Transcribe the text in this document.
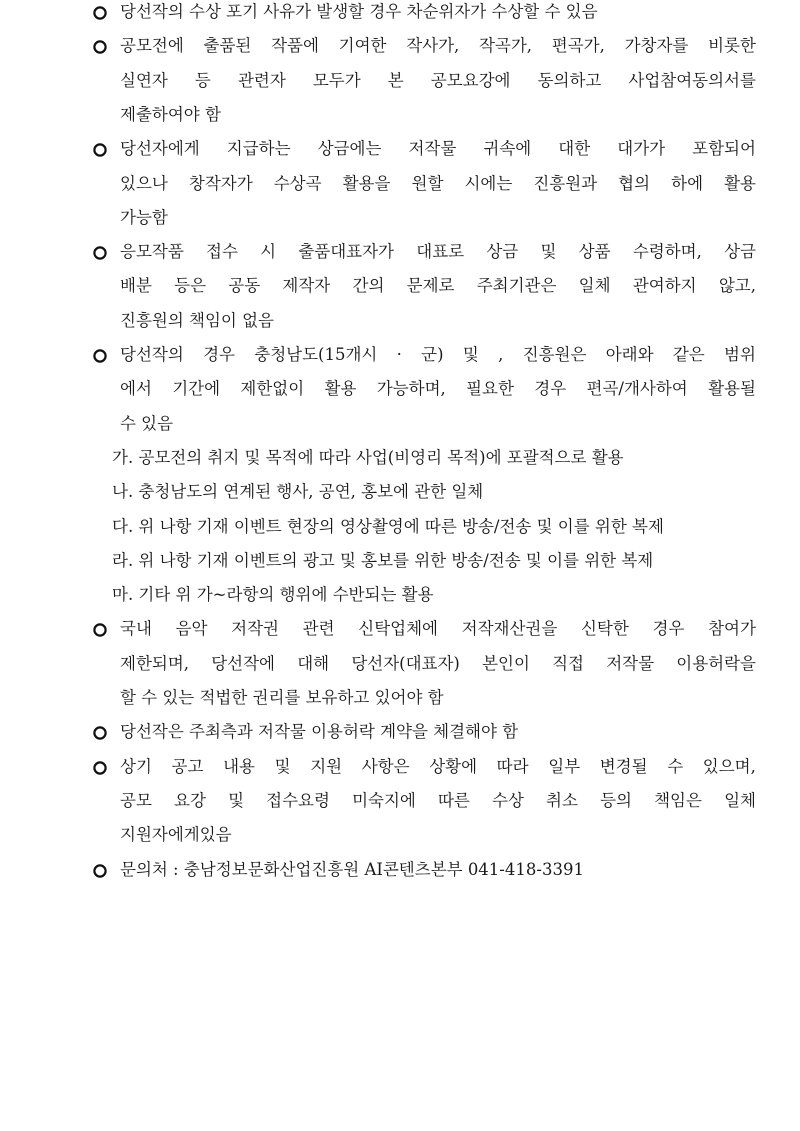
당선작의 수상 포기 사유가 발생할 경우 차순위자가 수상할 수 있음
공모전에 출품된 작품에 기여한 작사가, 작곡가, 편곡가, 가창자를 비롯한
실연자 등 관련자 모두가 본 공모요강에 동의하고 사업참여동의서를
제출하여야 함
당선자에게 지급하는 상금에는 저작물 귀속에 대한 대가가 포함되어
있으나 창작자가 수상곡 활용을 원할 시에는 진흥원과 협의 하에 활용
가능함
응모작품 접수 시 출품대표자가 대표로 상금 및 상품 수령하며, 상금
배분 등은 공동 제작자 간의 문제로 주최기관은 일체 관여하지 않고,
진흥원의 책임이 없음
당선작의 경우 충청남도(15개시 · 군) 및 , 진흥원은 아래와 같은 범위
에서 기간에 제한없이 활용 가능하며, 필요한 경우 편곡/개사하여 활용될
수 있음
가. 공모전의 취지 및 목적에 따라 사업(비영리 목적)에 포괄적으로 활용
나. 충청남도의 연계된 행사, 공연, 홍보에 관한 일체
다. 위 나항 기재 이벤트 현장의 영상촬영에 따른 방송/전송 및 이를 위한 복제
라. 위 나항 기재 이벤트의 광고 및 홍보를 위한 방송/전송 및 이를 위한 복제
마. 기타 위 가~라항의 행위에 수반되는 활용
국내 음악 저작권 관련 신탁업체에 저작재산권을 신탁한 경우 참여가
제한되며, 당선작에 대해 당선자(대표자) 본인이 직접 저작물 이용허락을
할 수 있는 적법한 권리를 보유하고 있어야 함
당선작은 주최측과 저작물 이용허락 계약을 체결해야 함
상기 공고 내용 및 지원 사항은 상황에 따라 일부 변경될 수 있으며,
공모 요강 및 접수요령 미숙지에 따른 수상 취소 등의 책임은 일체
지원자에게있음
문의처 : 충남정보문화산업진흥원 AI콘텐츠본부 041-418-3391
